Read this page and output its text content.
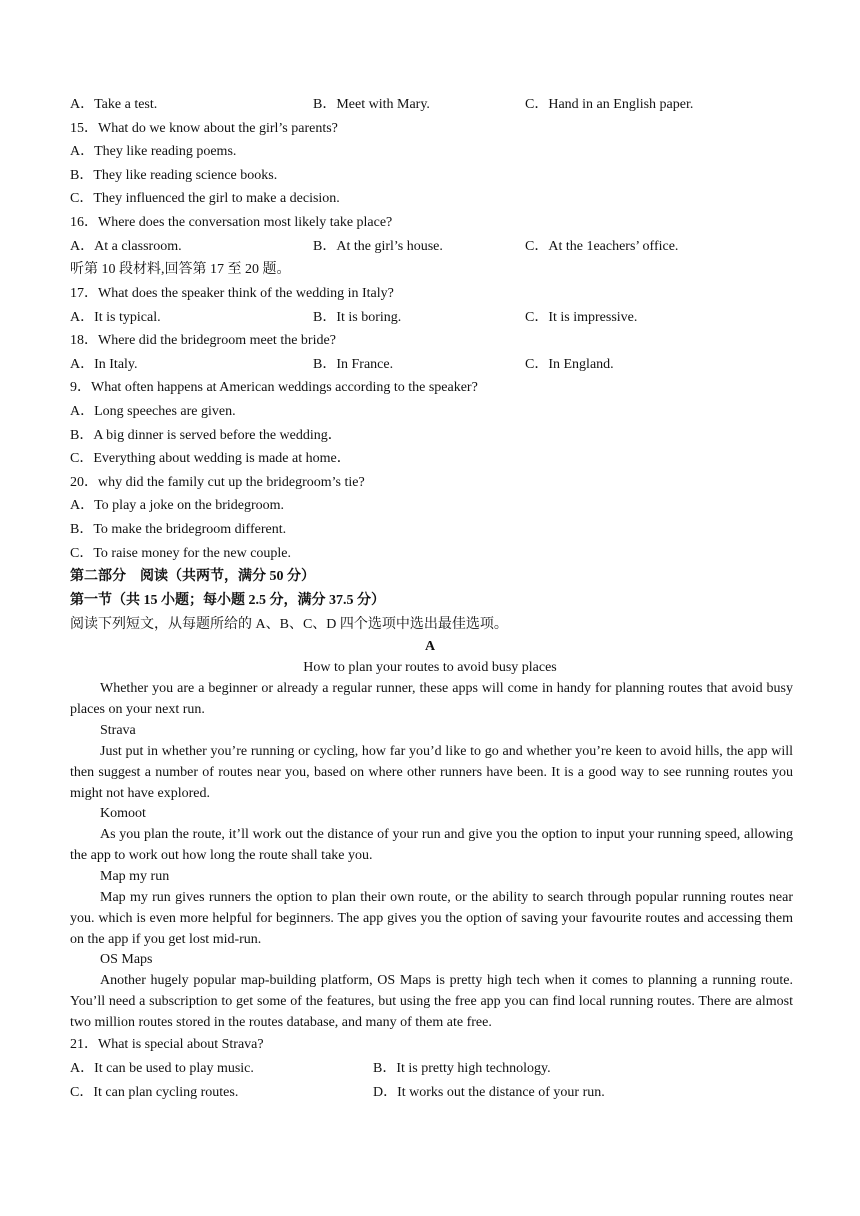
A．Take a test.	B．Meet with Mary.	C．Hand in an English paper.
15．What do we know about the girl’s parents?
A．They like reading poems.
B．They like reading science books.
C．They influenced the girl to make a decision.
16．Where does the conversation most likely take place?
A．At a classroom.	B．At the girl’s house.	C．At the 1eachers’ office.
听第 10 段材料,回答第 17 至 20 题。
17．What does the speaker think of the wedding in Italy?
A．It is typical.	B．It is boring.	C．It is impressive.
18．Where did the bridegroom meet the bride?
A．In Italy.	B．In France.	C．In England.
9．What often happens at American weddings according to the speaker?
A．Long speeches are given.
B．A big dinner is served before the wedding．
C．Everything about wedding is made at home．
20．why did the family cut up the bridegroom’s tie?
A．To play a joke on the bridegroom.
B．To make the bridegroom different.
C．To raise money for the new couple.
第二部分　阅读（共两节，满分 50 分）
第一节（共 15 小题；每小题 2.5 分，满分 37.5 分）
阅读下列短文，从每题所给的 A、B、C、D 四个选项中选出最佳选项。
A
How to plan your routes to avoid busy places
Whether you are a beginner or already a regular runner, these apps will come in handy for planning routes that avoid busy places on your next run.
Strava
Just put in whether you’re running or cycling, how far you’d like to go and whether you’re keen to avoid hills, the app will then suggest a number of routes near you, based on where other runners have been. It is a good way to see running routes you might not have explored.
Komoot
As you plan the route, it’ll work out the distance of your run and give you the option to input your running speed, allowing the app to work out how long the route shall take you.
Map my run
Map my run gives runners the option to plan their own route, or the ability to search through popular running routes near you. which is even more helpful for beginners. The app gives you the option of saving your favourite routes and accessing them on the app if you get lost mid-run.
OS Maps
Another hugely popular map-building platform, OS Maps is pretty high tech when it comes to planning a running route. You’ll need a subscription to get some of the features, but using the free app you can find local running routes. There are almost two million routes stored in the routes database, and many of them ate free.
21．What is special about Strava?
A．It can be used to play music.	B．It is pretty high technology.
C．It can plan cycling routes.	D．It works out the distance of your run.
